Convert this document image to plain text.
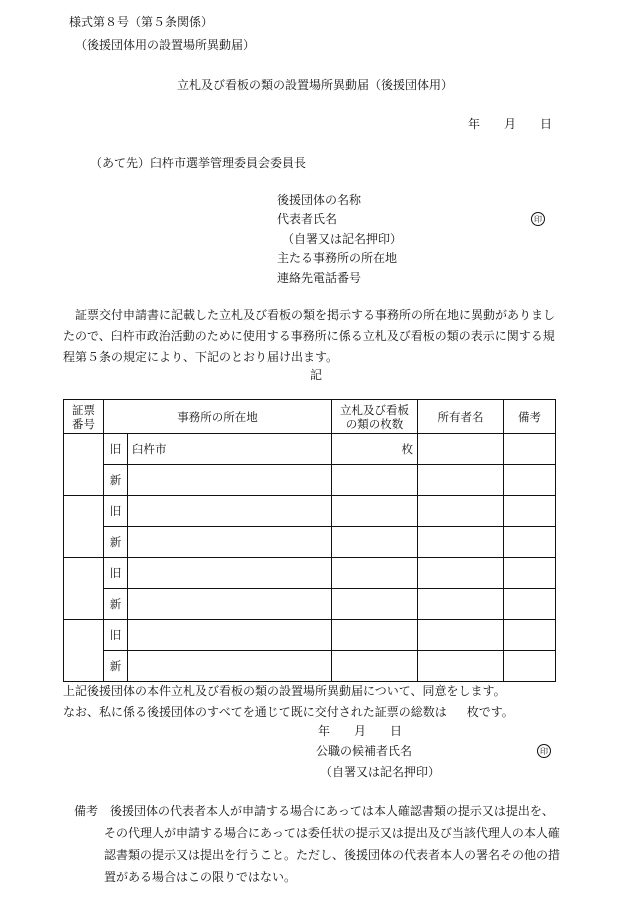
様式第８号（第５条関係）
（後援団体用の設置場所異動届）
立札及び看板の類の設置場所異動届（後援団体用）
年 月 日
（あて先） 臼杵市選挙管理委員会委員長
後援団体の名称
代表者氏名	印
（自署又は記名押印）
主たる事務所の所在地
連絡先電話番号
証票交付申請書に記載した立札及び看板の類を掲示する事務所の所在地に異動がありましたので、臼杵市政治活動のために使用する事務所に係る立札及び看板の類の表示に関する規程第５条の規定により、下記のとおり届け出ます。
記
証票番号	事務所の所在地		立札及び看板の類の枚数	所有者名	備考
	旧	臼杵市	枚		
	新				
	旧				
	新				
	旧				
	新				
	旧				
	新				
上記後援団体の本件立札及び看板の類の設置場所異動届について、同意をします。
なお、私に係る後援団体のすべてを通じて既に交付された証票の総数は 枚です。
年 月 日
公職の候補者氏名	印
（自署又は記名押印）
備考　 後援団体の代表者本人が申請する場合にあっては本人確認書類の提示又は提出を、その代理人が申請する場合にあっては委任状の提示又は提出及び当該代理人の本人確認書類の提示又は提出を行うこと。ただし、後援団体の代表者本人の署名その他の措置がある場合はこの限りではない。
